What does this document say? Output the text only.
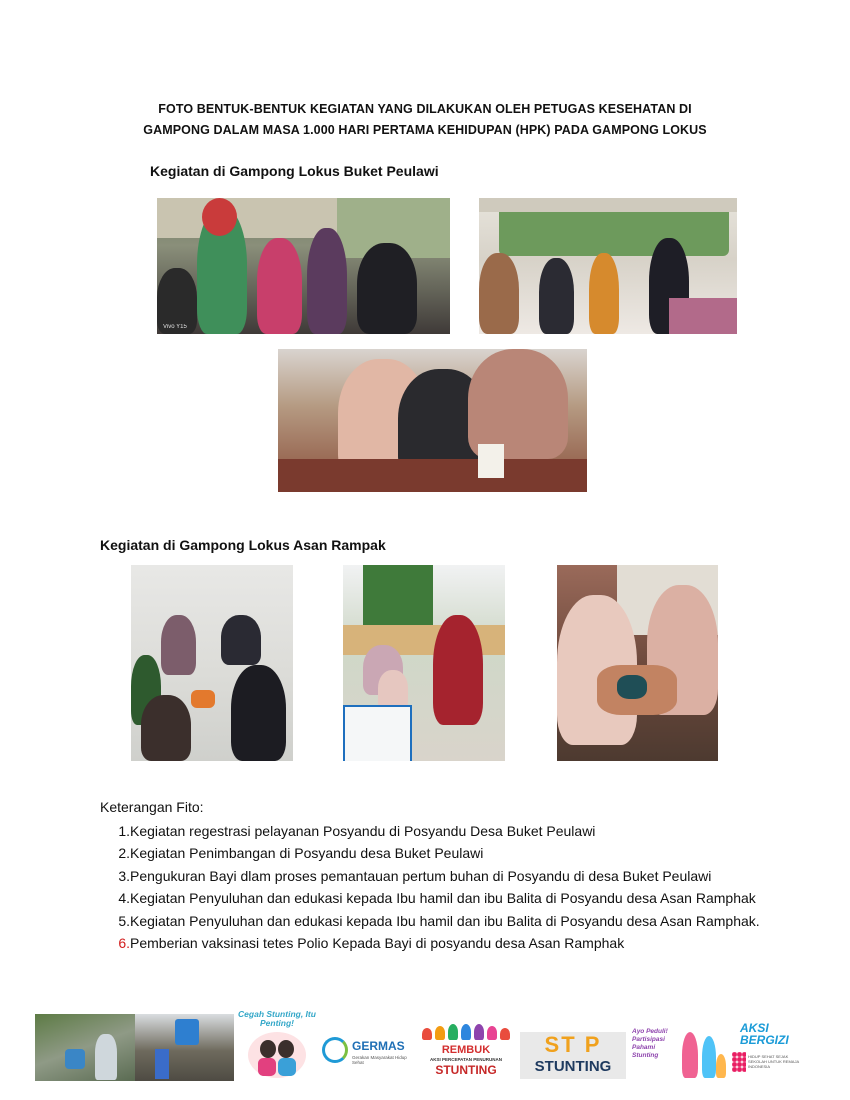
FOTO BENTUK-BENTUK KEGIATAN YANG DILAKUKAN OLEH PETUGAS KESEHATAN DI
GAMPONG DALAM MASA 1.000 HARI PERTAMA KEHIDUPAN (HPK) PADA GAMPONG LOKUS
Kegiatan di Gampong Lokus Buket Peulawi
Vivo Y15
Kegiatan di Gampong Lokus Asan Rampak
Keterangan Fito:
1.Kegiatan regestrasi pelayanan Posyandu di Posyandu Desa Buket Peulawi
2.Kegiatan Penimbangan di Posyandu desa Buket Peulawi
3.Pengukuran Bayi dlam proses pemantauan pertum buhan di Posyandu di desa Buket Peulawi
4.Kegiatan Penyuluhan dan edukasi kepada Ibu hamil dan ibu Balita di Posyandu desa Asan Ramphak
5.Kegiatan Penyuluhan dan edukasi kepada Ibu hamil dan ibu Balita di Posyandu desa Asan Ramphak.
6.Pemberian vaksinasi tetes Polio Kepada Bayi di posyandu desa Asan Ramphak
Cegah Stunting, Itu Penting!
GERMAS
Gerakan Masyarakat Hidup Sehat
REMBUK
AKSI PERCEPATAN PENURUNAN
STUNTING
ST P
STUNTING
Ayo Peduli! Partisipasi Pahami Stunting
AKSI BERGIZI
HIDUP SEHAT SEJAK SEKOLAH UNTUK REMAJA INDONESIA
